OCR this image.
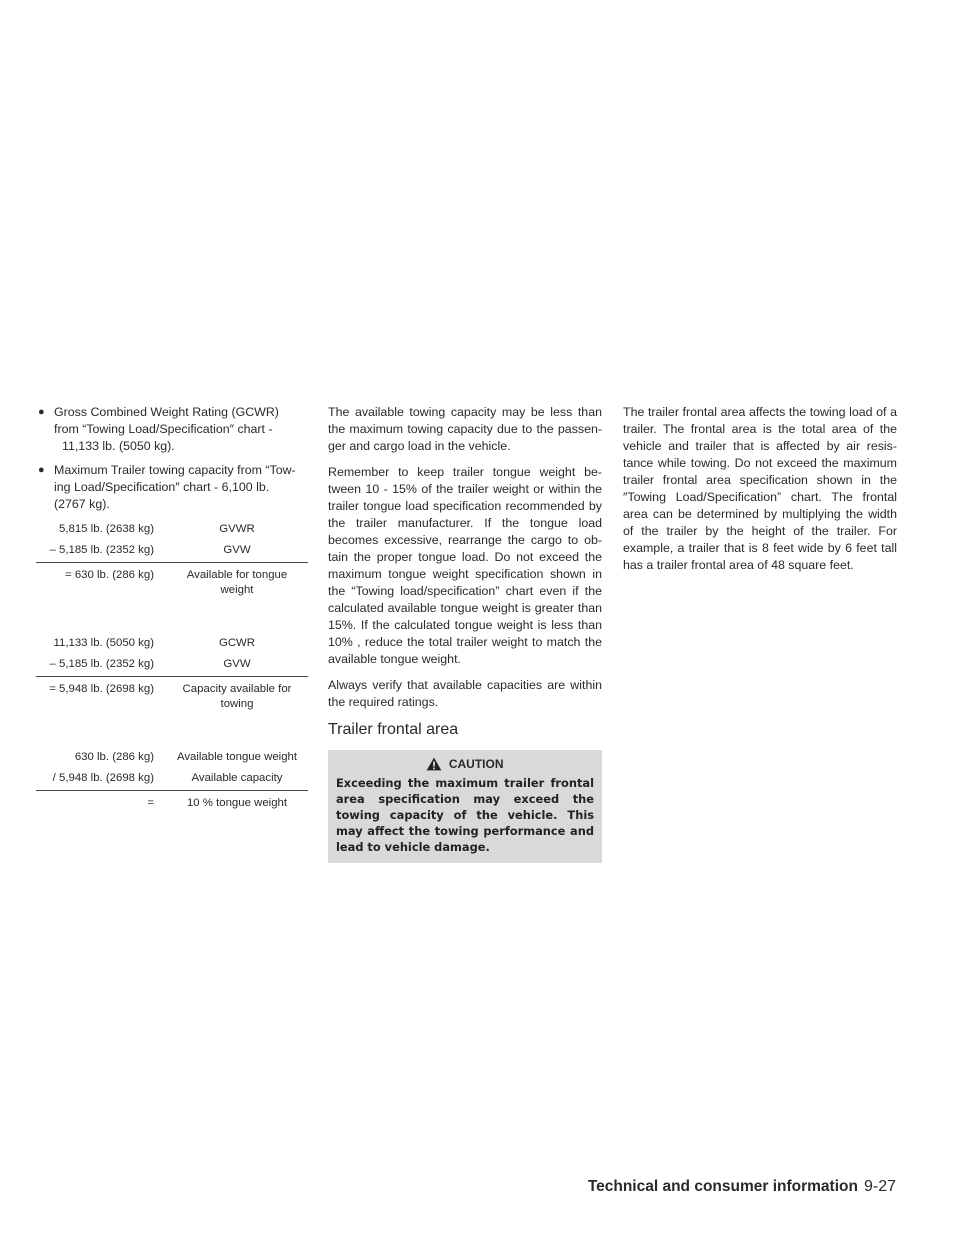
● Gross Combined Weight Rating (GCWR)
from “Towing Load/Specification″ chart -
11,133 lb. (5050 kg).
● Maximum Trailer towing capacity from “Tow-
ing Load/Specification″ chart - 6,100 lb.
(2767 kg).
5,815 lb. (2638 kg)	GVWR
– 5,185 lb. (2352 kg)	GVW
= 630 lb. (286 kg)	Available for tongue
weight
11,133 lb. (5050 kg)	GCWR
– 5,185 lb. (2352 kg)	GVW
= 5,948 lb. (2698 kg)	Capacity available for
towing
630 lb. (286 kg)	Available tongue weight
/ 5,948 lb. (2698 kg)	Available capacity
=	10 % tongue weight

The available towing capacity may be less than the maximum towing capacity due to the passen-ger and cargo load in the vehicle.

Remember to keep trailer tongue weight be-tween 10 - 15% of the trailer weight or within the trailer tongue load specification recommended by the trailer manufacturer. If the tongue load becomes excessive, rearrange the cargo to ob-tain the proper tongue load. Do not exceed the maximum tongue weight specification shown in the “Towing load/specification” chart even if the calculated available tongue weight is greater than 15%. If the calculated tongue weight is less than 10% , reduce the total trailer weight to match the available tongue weight.

Always verify that available capacities are within the required ratings.

Trailer frontal area
CAUTION
Exceeding the maximum trailer frontal area specification may exceed the towing capacity of the vehicle. This may affect the towing performance and lead to vehicle damage.

The trailer frontal area affects the towing load of a trailer. The frontal area is the total area of the vehicle and trailer that is affected by air resis-tance while towing. Do not exceed the maximum trailer frontal area specification shown in the ″Towing Load/Specification” chart. The frontal area can be determined by multiplying the width of the trailer by the height of the trailer. For example, a trailer that is 8 feet wide by 6 feet tall has a trailer frontal area of 48 square feet.

Technical and consumer information 9-27
